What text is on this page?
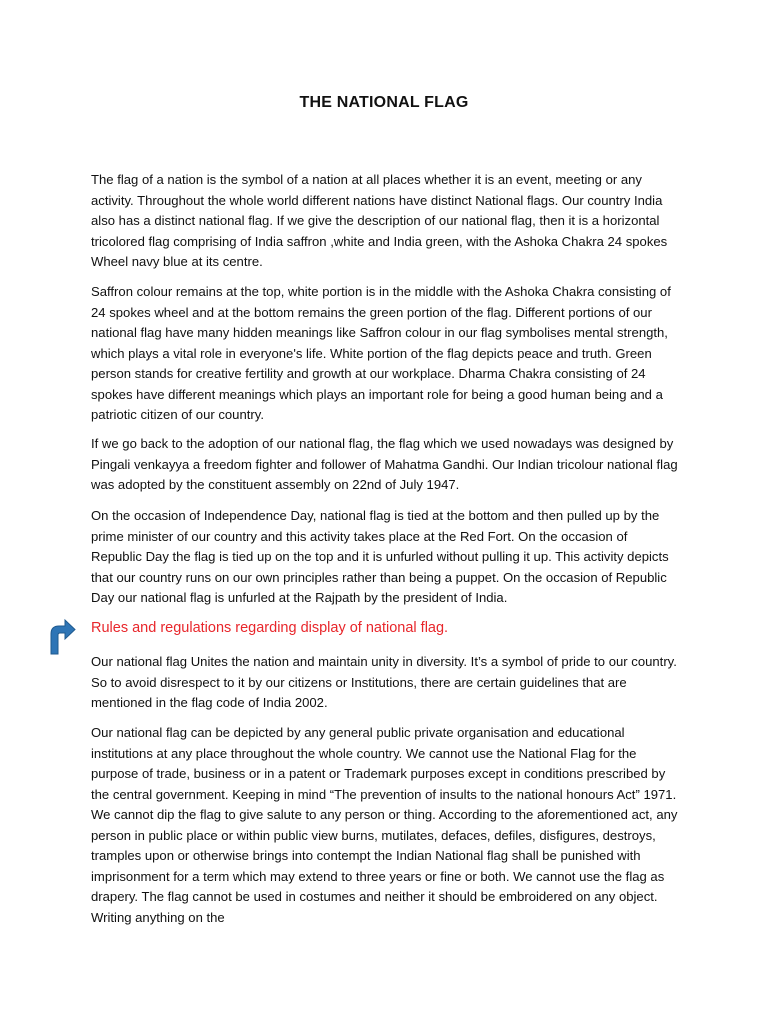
THE NATIONAL FLAG

The flag of a nation is the symbol of a nation at all places whether it is an event, meeting or any activity. Throughout the whole world different nations have distinct National flags. Our country India also has a distinct national flag. If we give the description of our national flag, then it is a horizontal tricolored flag comprising of India saffron ,white and India green, with the Ashoka Chakra 24 spokes Wheel navy blue at its centre.

Saffron colour remains at the top, white portion is in the middle with the Ashoka Chakra consisting of 24 spokes wheel and at the bottom remains the green portion of the flag. Different portions of our national flag have many hidden meanings like Saffron colour in our flag symbolises mental strength, which plays a vital role in everyone's life. White portion of the flag depicts peace and truth. Green person stands for creative fertility and growth at our workplace. Dharma Chakra consisting of 24 spokes have different meanings which plays an important role for being a good human being and a patriotic citizen of our country.

If we go back to the adoption of our national flag, the flag which we used nowadays was designed by Pingali venkayya a freedom fighter and follower of Mahatma Gandhi. Our Indian tricolour national flag was adopted by the constituent assembly on 22nd of July 1947.

On the occasion of Independence Day, national flag is tied at the bottom and then pulled up by the prime minister of our country and this activity takes place at the Red Fort. On the occasion of Republic Day the flag is tied up on the top and it is unfurled without pulling it up. This activity depicts that our country runs on our own principles rather than being a puppet. On the occasion of Republic Day our national flag is unfurled at the Rajpath by the president of India.

Rules and regulations regarding display of national flag.

Our national flag Unites the nation and maintain unity in diversity. It’s a symbol of pride to our country. So to avoid disrespect to it by our citizens or Institutions, there are certain guidelines that are mentioned in the flag code of India 2002.

Our national flag can be depicted by any general public private organisation and educational institutions at any place throughout the whole country. We cannot use the National Flag for the purpose of trade, business or in a patent or Trademark purposes except in conditions prescribed by the central government. Keeping in mind “The prevention of insults to the national honours Act” 1971. We cannot dip the flag to give salute to any person or thing. According to the aforementioned act, any person in public place or within public view burns, mutilates, defaces, defiles, disfigures, destroys, tramples upon or otherwise brings into contempt the Indian National flag shall be punished with imprisonment for a term which may extend to three years or fine or both. We cannot use the flag as drapery. The flag cannot be used in costumes and neither it should be embroidered on any object. Writing anything on the
